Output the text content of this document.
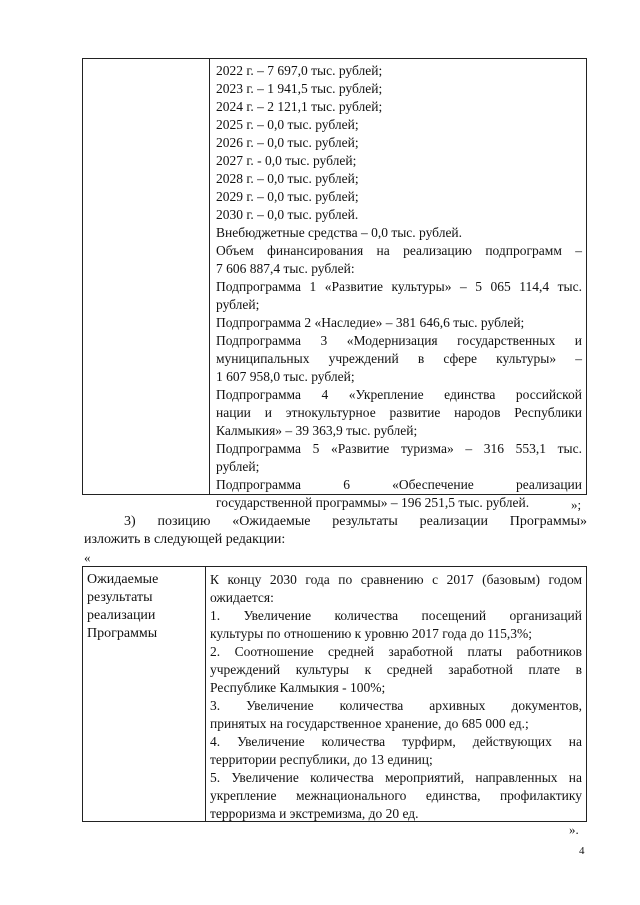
2022 г. – 7 697,0 тыс. рублей;
2023 г. – 1 941,5 тыс. рублей;
2024 г. – 2 121,1 тыс. рублей;
2025 г. – 0,0 тыс. рублей;
2026 г. – 0,0 тыс. рублей;
2027 г. - 0,0 тыс. рублей;
2028 г. – 0,0 тыс. рублей;
2029 г. – 0,0 тыс. рублей;
2030 г. – 0,0 тыс. рублей.
Внебюджетные средства – 0,0 тыс. рублей.
Объем финансирования на реализацию подпрограмм –
7 606 887,4 тыс. рублей:
Подпрограмма 1 «Развитие культуры» – 5 065 114,4 тыс.
рублей;
Подпрограмма 2 «Наследие» – 381 646,6 тыс. рублей;
Подпрограмма 3 «Модернизация государственных и
муниципальных учреждений в сфере культуры» –
1 607 958,0 тыс. рублей;
Подпрограмма 4 «Укрепление единства российской
нации и этнокультурное развитие народов Республики
Калмыкия» – 39 363,9 тыс. рублей;
Подпрограмма 5 «Развитие туризма» – 316 553,1 тыс.
рублей;
Подпрограмма 6 «Обеспечение реализации
государственной программы» – 196 251,5 тыс. рублей.	»;
3) позицию «Ожидаемые результаты реализации Программы»
изложить в следующей редакции:
«
Ожидаемые
результаты
реализации
Программы
К концу 2030 года по сравнению с 2017 (базовым) годом
ожидается:
1. Увеличение количества посещений организаций
культуры по отношению к уровню 2017 года до 115,3%;
2. Соотношение средней заработной платы работников
учреждений культуры к средней заработной плате в
Республике Калмыкия - 100%;
3. Увеличение количества архивных документов,
принятых на государственное хранение, до 685 000 ед.;
4. Увеличение количества турфирм, действующих на
территории республики, до 13 единиц;
5. Увеличение количества мероприятий, направленных на
укрепление межнационального единства, профилактику
терроризма и экстремизма, до 20 ед.
».
4
